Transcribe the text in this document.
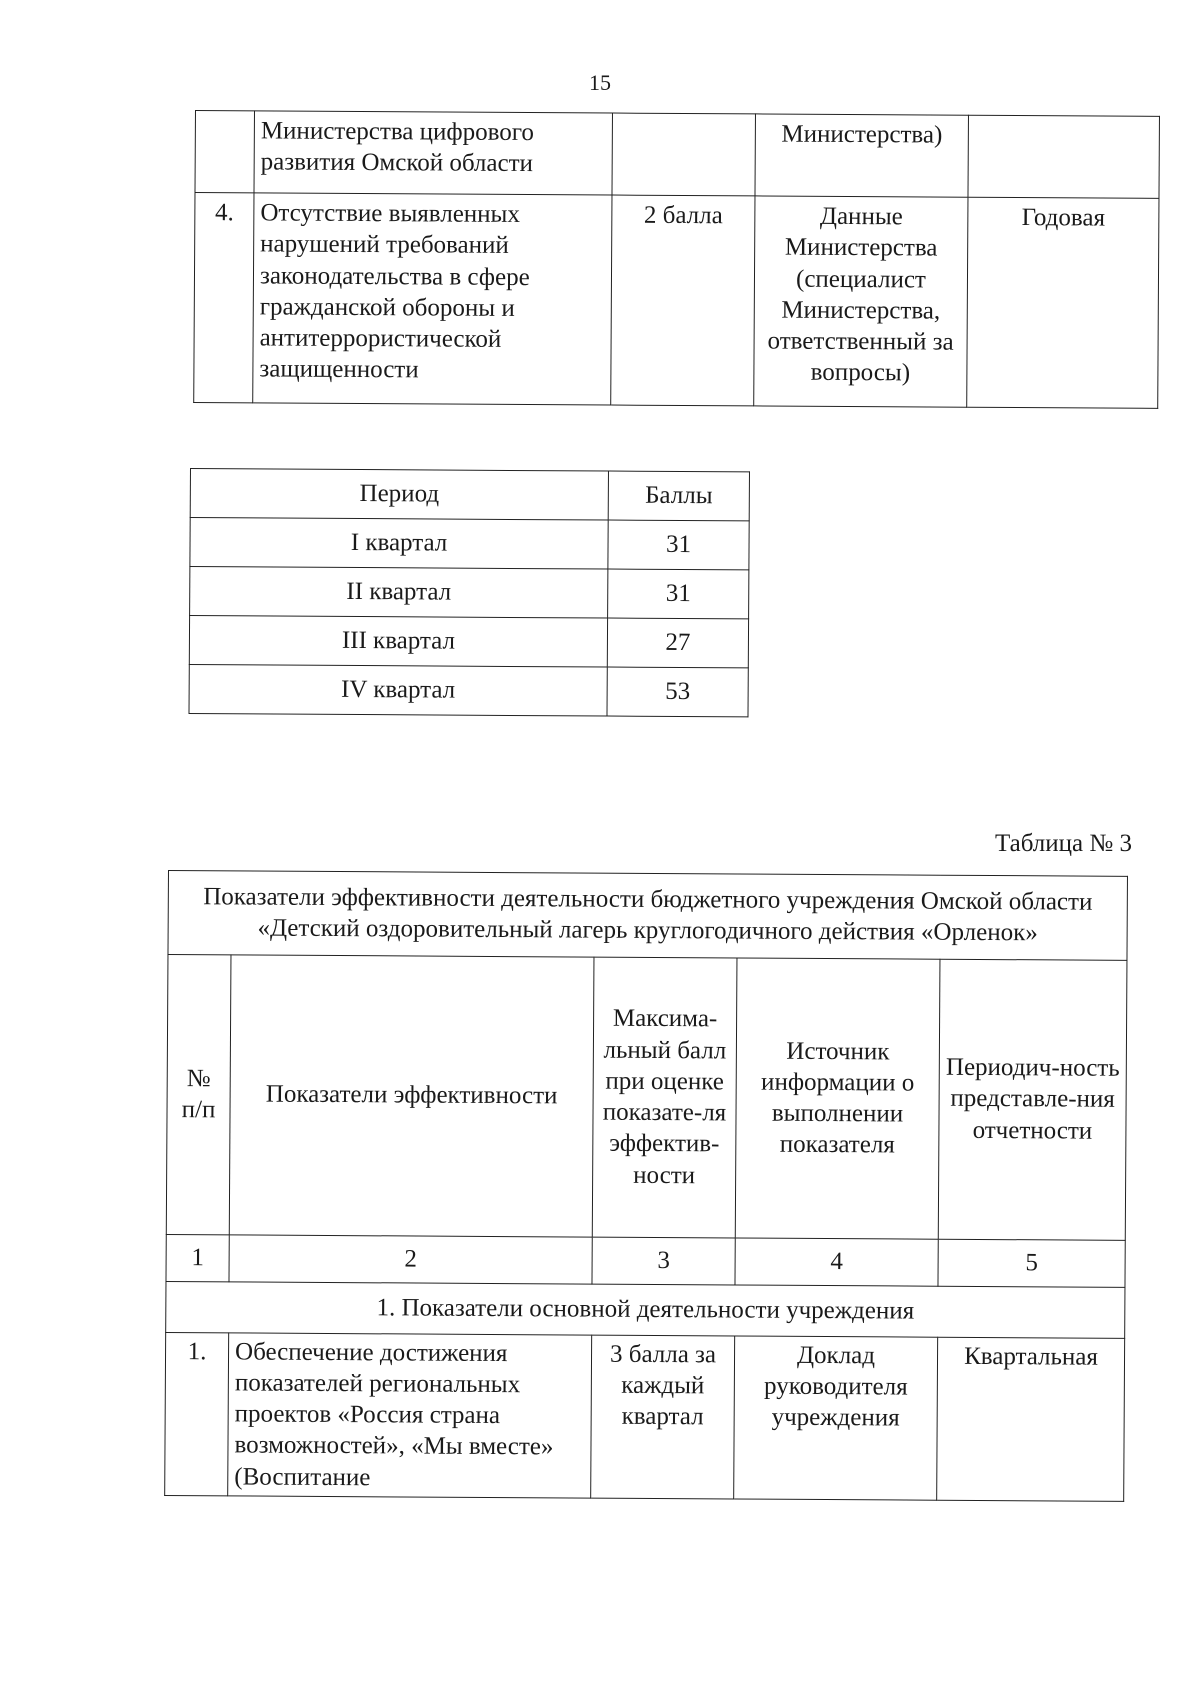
15
	Министерства цифрового развития Омской области		Министерства)	
4.	Отсутствие выявленных нарушений требований законодательства в сфере гражданской обороны и антитеррористической защищенности	2 балла	Данные Министерства (специалист Министерства, ответственный за вопросы)	Годовая
Период	Баллы
I квартал	31
II квартал	31
III квартал	27
IV квартал	53
Таблица № 3
Показатели эффективности деятельности бюджетного учреждения Омской области «Детский оздоровительный лагерь круглогодичного действия «Орленок»				
№ п/п	Показатели эффективности	Максима-льный балл при оценке показате-ля эффектив-ности	Источник информации о выполнении показателя	Периодич-ность представле-ния отчетности
1	2	3	4	5
1. Показатели основной деятельности учреждения				
1.	Обеспечение достижения показателей региональных проектов «Россия страна возможностей», «Мы вместе» (Воспитание	3 балла за каждый квартал	Доклад руководителя учреждения	Квартальная
